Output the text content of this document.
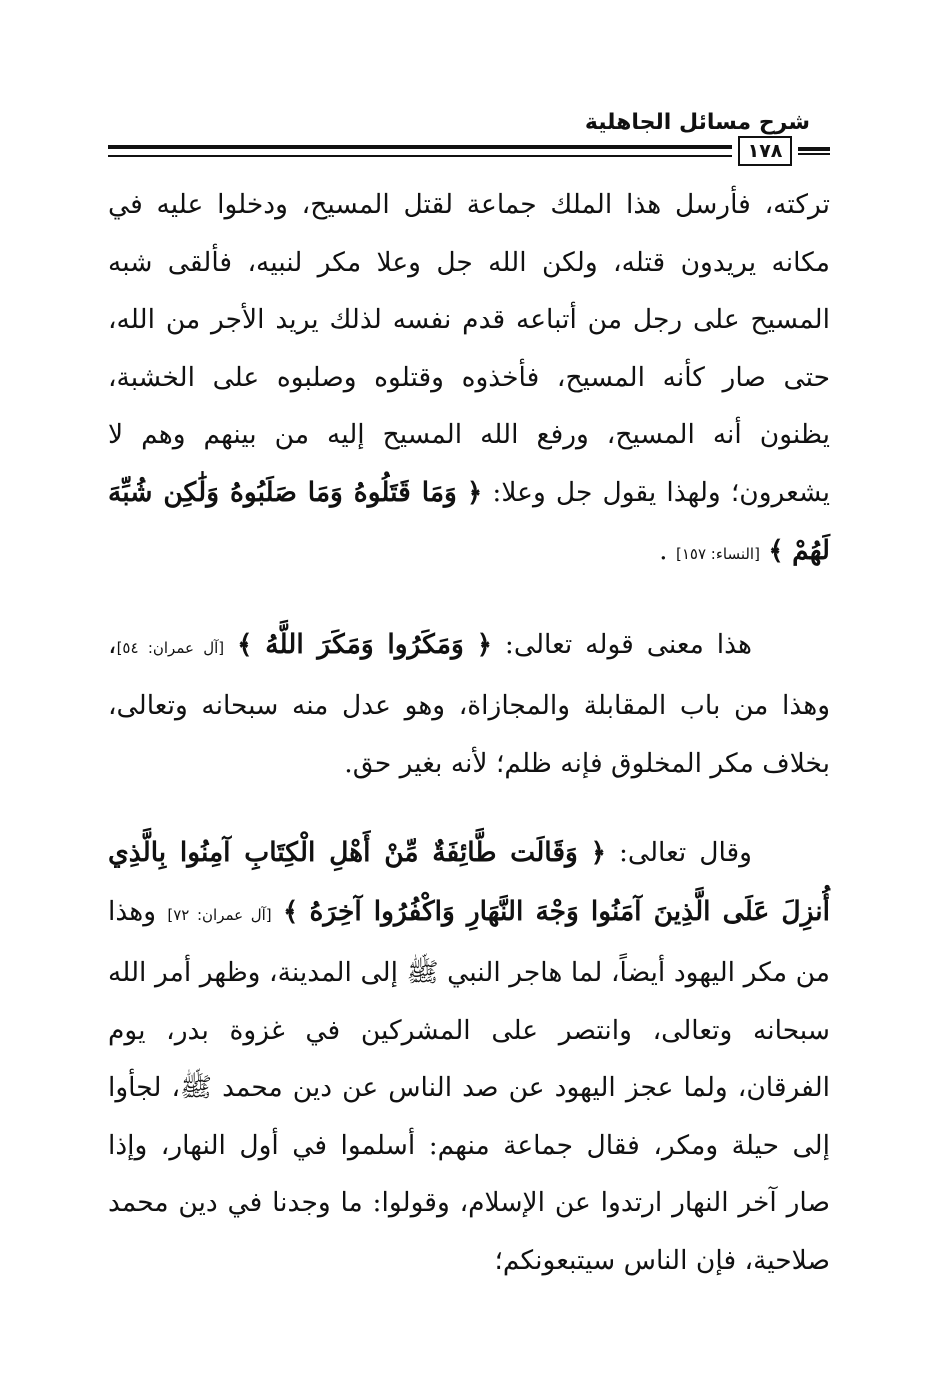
شرح مسائل الجاهلية
١٧٨

تركته، فأرسل هذا الملك جماعة لقتل المسيح، ودخلوا عليه في مكانه يريدون قتله، ولكن الله جل وعلا مكر لنبيه، فألقى شبه المسيح على رجل من أتباعه قدم نفسه لذلك يريد الأجر من الله، حتى صار كأنه المسيح، فأخذوه وقتلوه وصلبوه على الخشبة، يظنون أنه المسيح، ورفع الله المسيح إليه من بينهم وهم لا يشعرون؛ ولهذا يقول جل وعلا: ﴿ وَمَا قَتَلُوهُ وَمَا صَلَبُوهُ وَلَٰكِن شُبِّهَ لَهُمْ ﴾ [النساء: ١٥٧] .

هذا معنى قوله تعالى: ﴿ وَمَكَرُوا وَمَكَرَ اللَّهُ ﴾ [آل عمران: ٥٤]، وهذا من باب المقابلة والمجازاة، وهو عدل منه سبحانه وتعالى، بخلاف مكر المخلوق فإنه ظلم؛ لأنه بغير حق.

وقال تعالى: ﴿ وَقَالَت طَّائِفَةٌ مِّنْ أَهْلِ الْكِتَابِ آمِنُوا بِالَّذِي أُنزِلَ عَلَى الَّذِينَ آمَنُوا وَجْهَ النَّهَارِ وَاكْفُرُوا آخِرَهُ ﴾ [آل عمران: ٧٢] وهذا من مكر اليهود أيضاً، لما هاجر النبي ﷺ إلى المدينة، وظهر أمر الله سبحانه وتعالى، وانتصر على المشركين في غزوة بدر، يوم الفرقان، ولما عجز اليهود عن صد الناس عن دين محمد ﷺ، لجأوا إلى حيلة ومكر، فقال جماعة منهم: أسلموا في أول النهار، وإذا صار آخر النهار ارتدوا عن الإسلام، وقولوا: ما وجدنا في دين محمد صلاحية، فإن الناس سيتبعونكم؛
